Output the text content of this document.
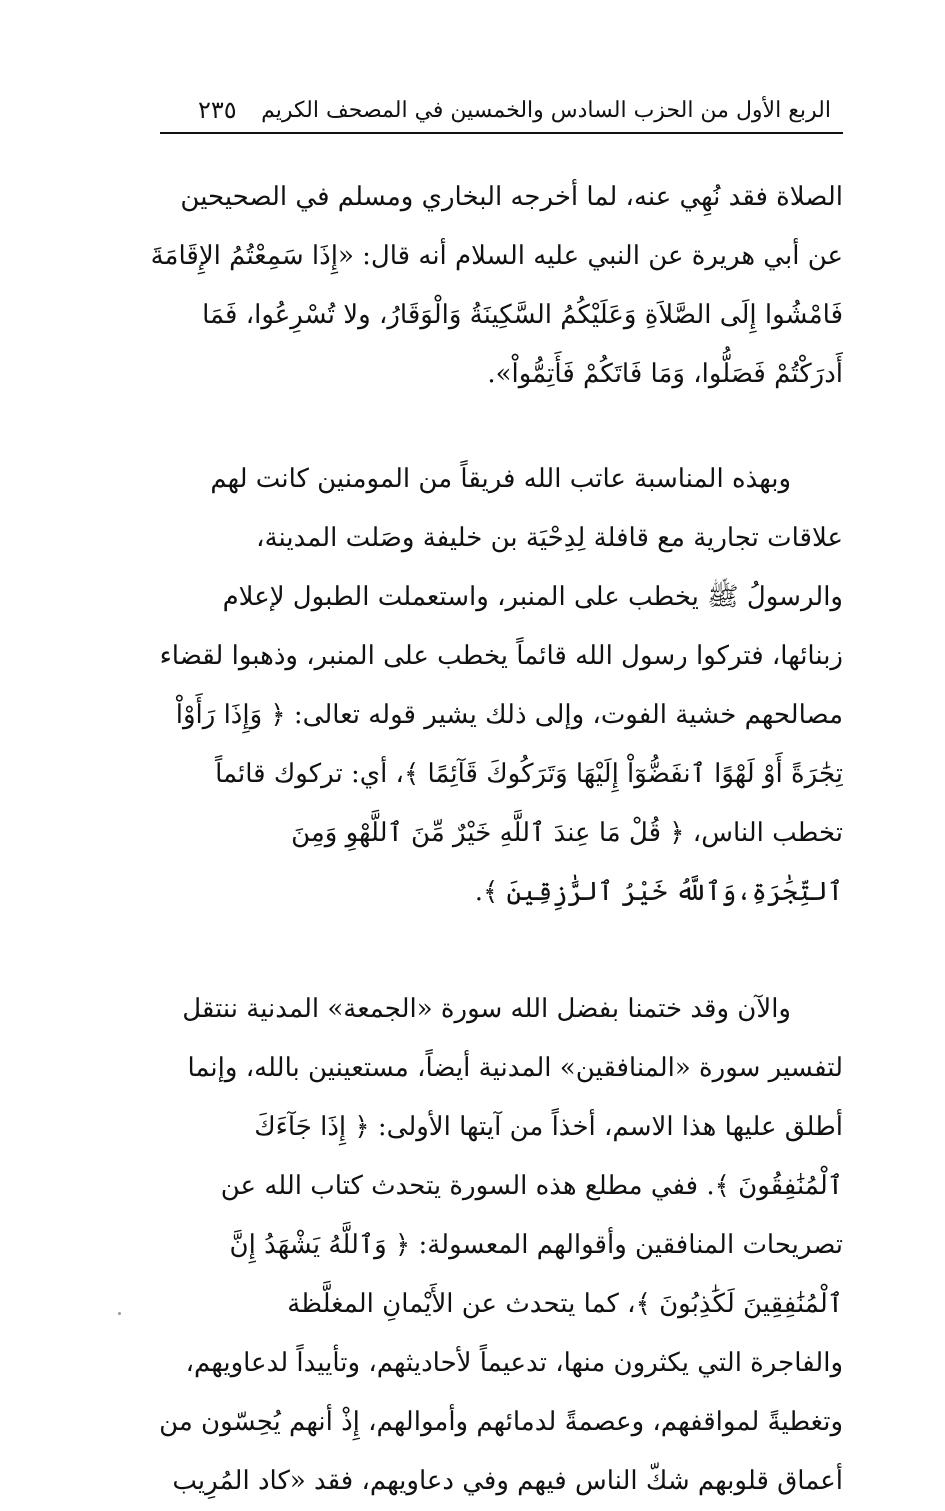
الربع الأول من الحزب السادس والخمسين في المصحف الكريم
٢٣٥

الصلاة فقد نُهِي عنه، لما أخرجه البخاري ومسلم في الصحيحين
عن أبي هريرة عن النبي عليه السلام أنه قال: «إِذَا سَمِعْتُمُ الإِقَامَةَ
فَامْشُوا إِلَى الصَّلاَةِ وَعَلَيْكُمُ السَّكِينَةُ وَالْوَقَارُ، ولا تُسْرِعُوا، فَمَا
أَدرَكْتُمْ فَصَلُّوا، وَمَا فَاتَكُمْ فَأَتِمُّواْ».

وبهذه المناسبة عاتب الله فريقاً من المومنين كانت لهم
علاقات تجارية مع قافلة لِدِحْيَة بن خليفة وصَلت المدينة،
والرسولُ ﷺ يخطب على المنبر، واستعملت الطبول لإعلام
زبنائها، فتركوا رسول الله قائماً يخطب على المنبر، وذهبوا لقضاء
مصالحهم خشية الفوت، وإلى ذلك يشير قوله تعالى: ﴿ وَإِذَا رَأَوْاْ
تِجَٰرَةً أَوْ لَهْوًا ٱنفَضُّوٓاْ إِلَيْهَا وَتَرَكُوكَ قَآئِمًا ﴾، أي: تركوك قائماً
تخطب الناس، ﴿ قُلْ مَا عِندَ ٱللَّهِ خَيْرٌ مِّنَ ٱللَّهْوِ وَمِنَ
ٱلتِّجَٰرَةِ،وَٱللَّهُ خَيْرُ ٱلرَّٰزِقِينَ ﴾.

والآن وقد ختمنا بفضل الله سورة «الجمعة» المدنية ننتقل
لتفسير سورة «المنافقين» المدنية أيضاً، مستعينين بالله، وإنما
أطلق عليها هذا الاسم، أخذاً من آيتها الأولى: ﴿ إِذَا جَآءَكَ
ٱلْمُنَٰفِقُونَ ﴾. ففي مطلع هذه السورة يتحدث كتاب الله عن
تصريحات المنافقين وأقوالهم المعسولة: ﴿ وَٱللَّهُ يَشْهَدُ إِنَّ
ٱلْمُنَٰفِقِينَ لَكَٰذِبُونَ ﴾، كما يتحدث عن الأَيْمانِ المغلَّظة
والفاجرة التي يكثرون منها، تدعيماً لأحاديثهم، وتأييداً لدعاويهم،
وتغطيةً لمواقفهم، وعصمةً لدمائهم وأموالهم، إِذْ أنهم يُحِسّون من
أعماق قلوبهم شكّ الناس فيهم وفي دعاويهم، فقد «كاد المُرِيب
